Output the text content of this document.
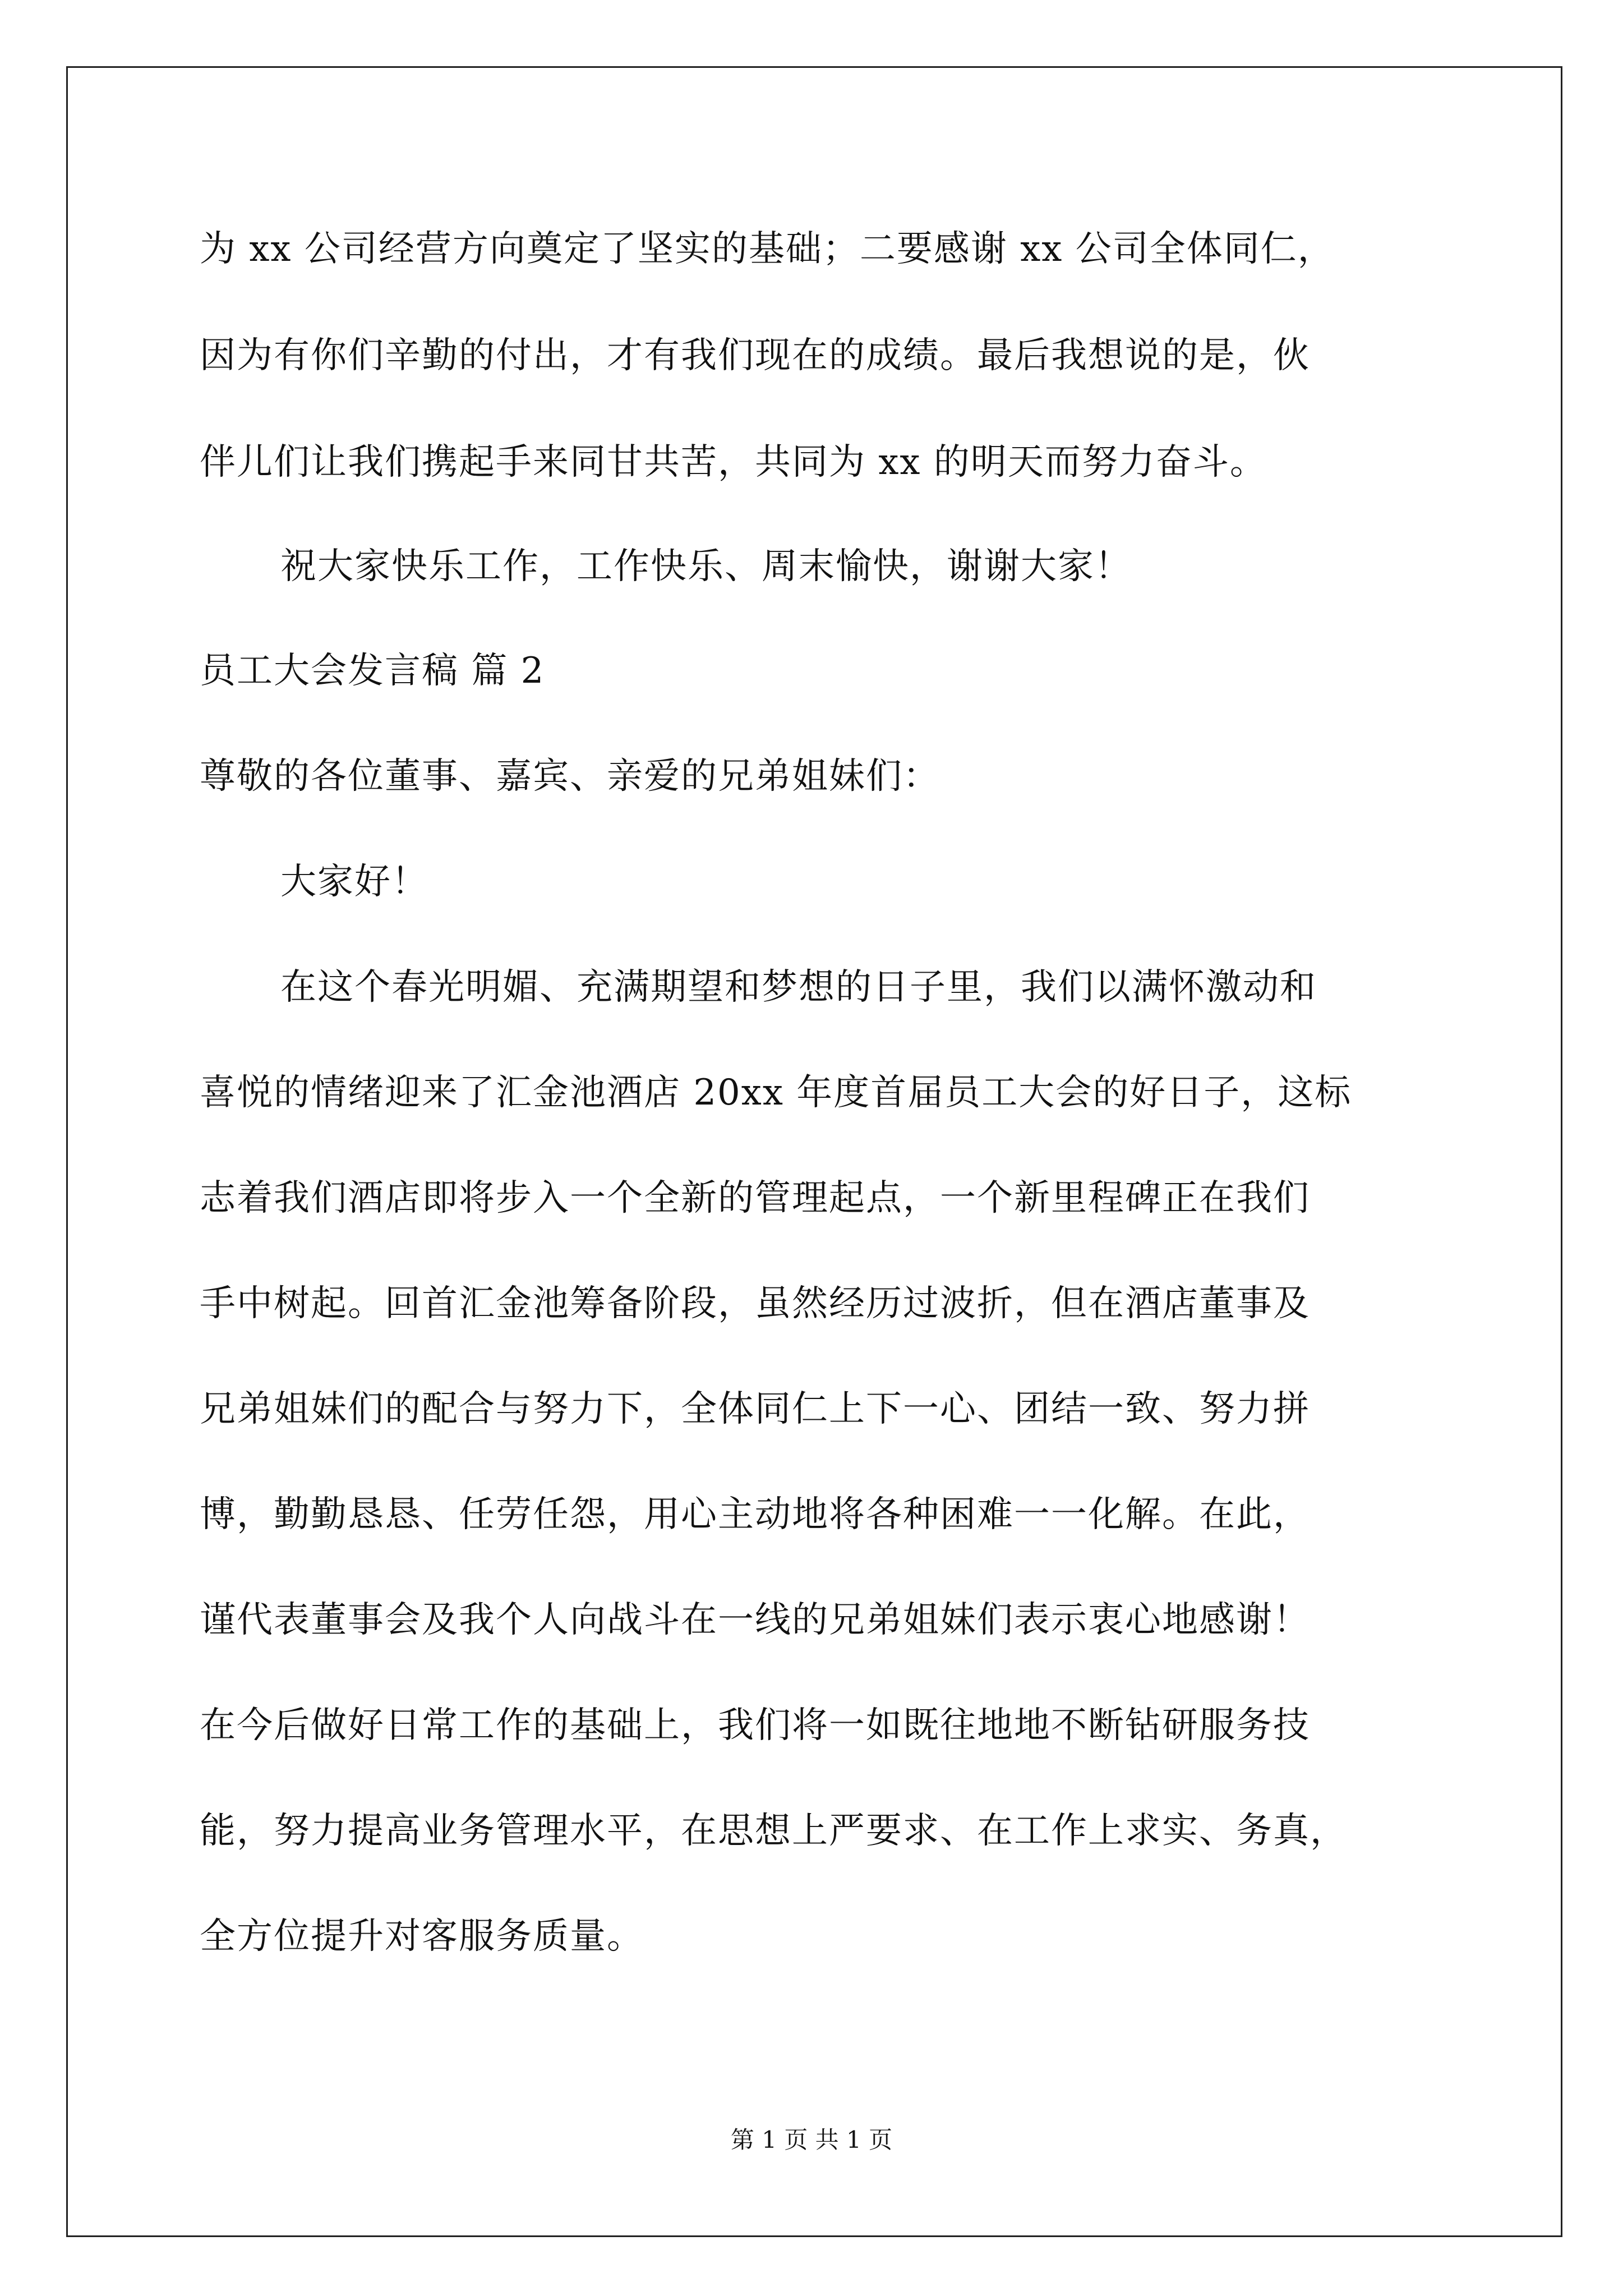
为 xx 公司经营方向奠定了坚实的基础；二要感谢 xx 公司全体同仁，
因为有你们辛勤的付出，才有我们现在的成绩。最后我想说的是，伙
伴儿们让我们携起手来同甘共苦，共同为 xx 的明天而努力奋斗。
祝大家快乐工作，工作快乐、周末愉快，谢谢大家！
员工大会发言稿 篇 2
尊敬的各位董事、嘉宾、亲爱的兄弟姐妹们：
大家好！
在这个春光明媚、充满期望和梦想的日子里，我们以满怀激动和
喜悦的情绪迎来了汇金池酒店 20xx 年度首届员工大会的好日子，这标
志着我们酒店即将步入一个全新的管理起点，一个新里程碑正在我们
手中树起。回首汇金池筹备阶段，虽然经历过波折，但在酒店董事及
兄弟姐妹们的配合与努力下，全体同仁上下一心、团结一致、努力拼
博，勤勤恳恳、任劳任怨，用心主动地将各种困难一一化解。在此，
谨代表董事会及我个人向战斗在一线的兄弟姐妹们表示衷心地感谢！
在今后做好日常工作的基础上，我们将一如既往地地不断钻研服务技
能，努力提高业务管理水平，在思想上严要求、在工作上求实、务真，
全方位提升对客服务质量。
第 1 页 共 1 页
